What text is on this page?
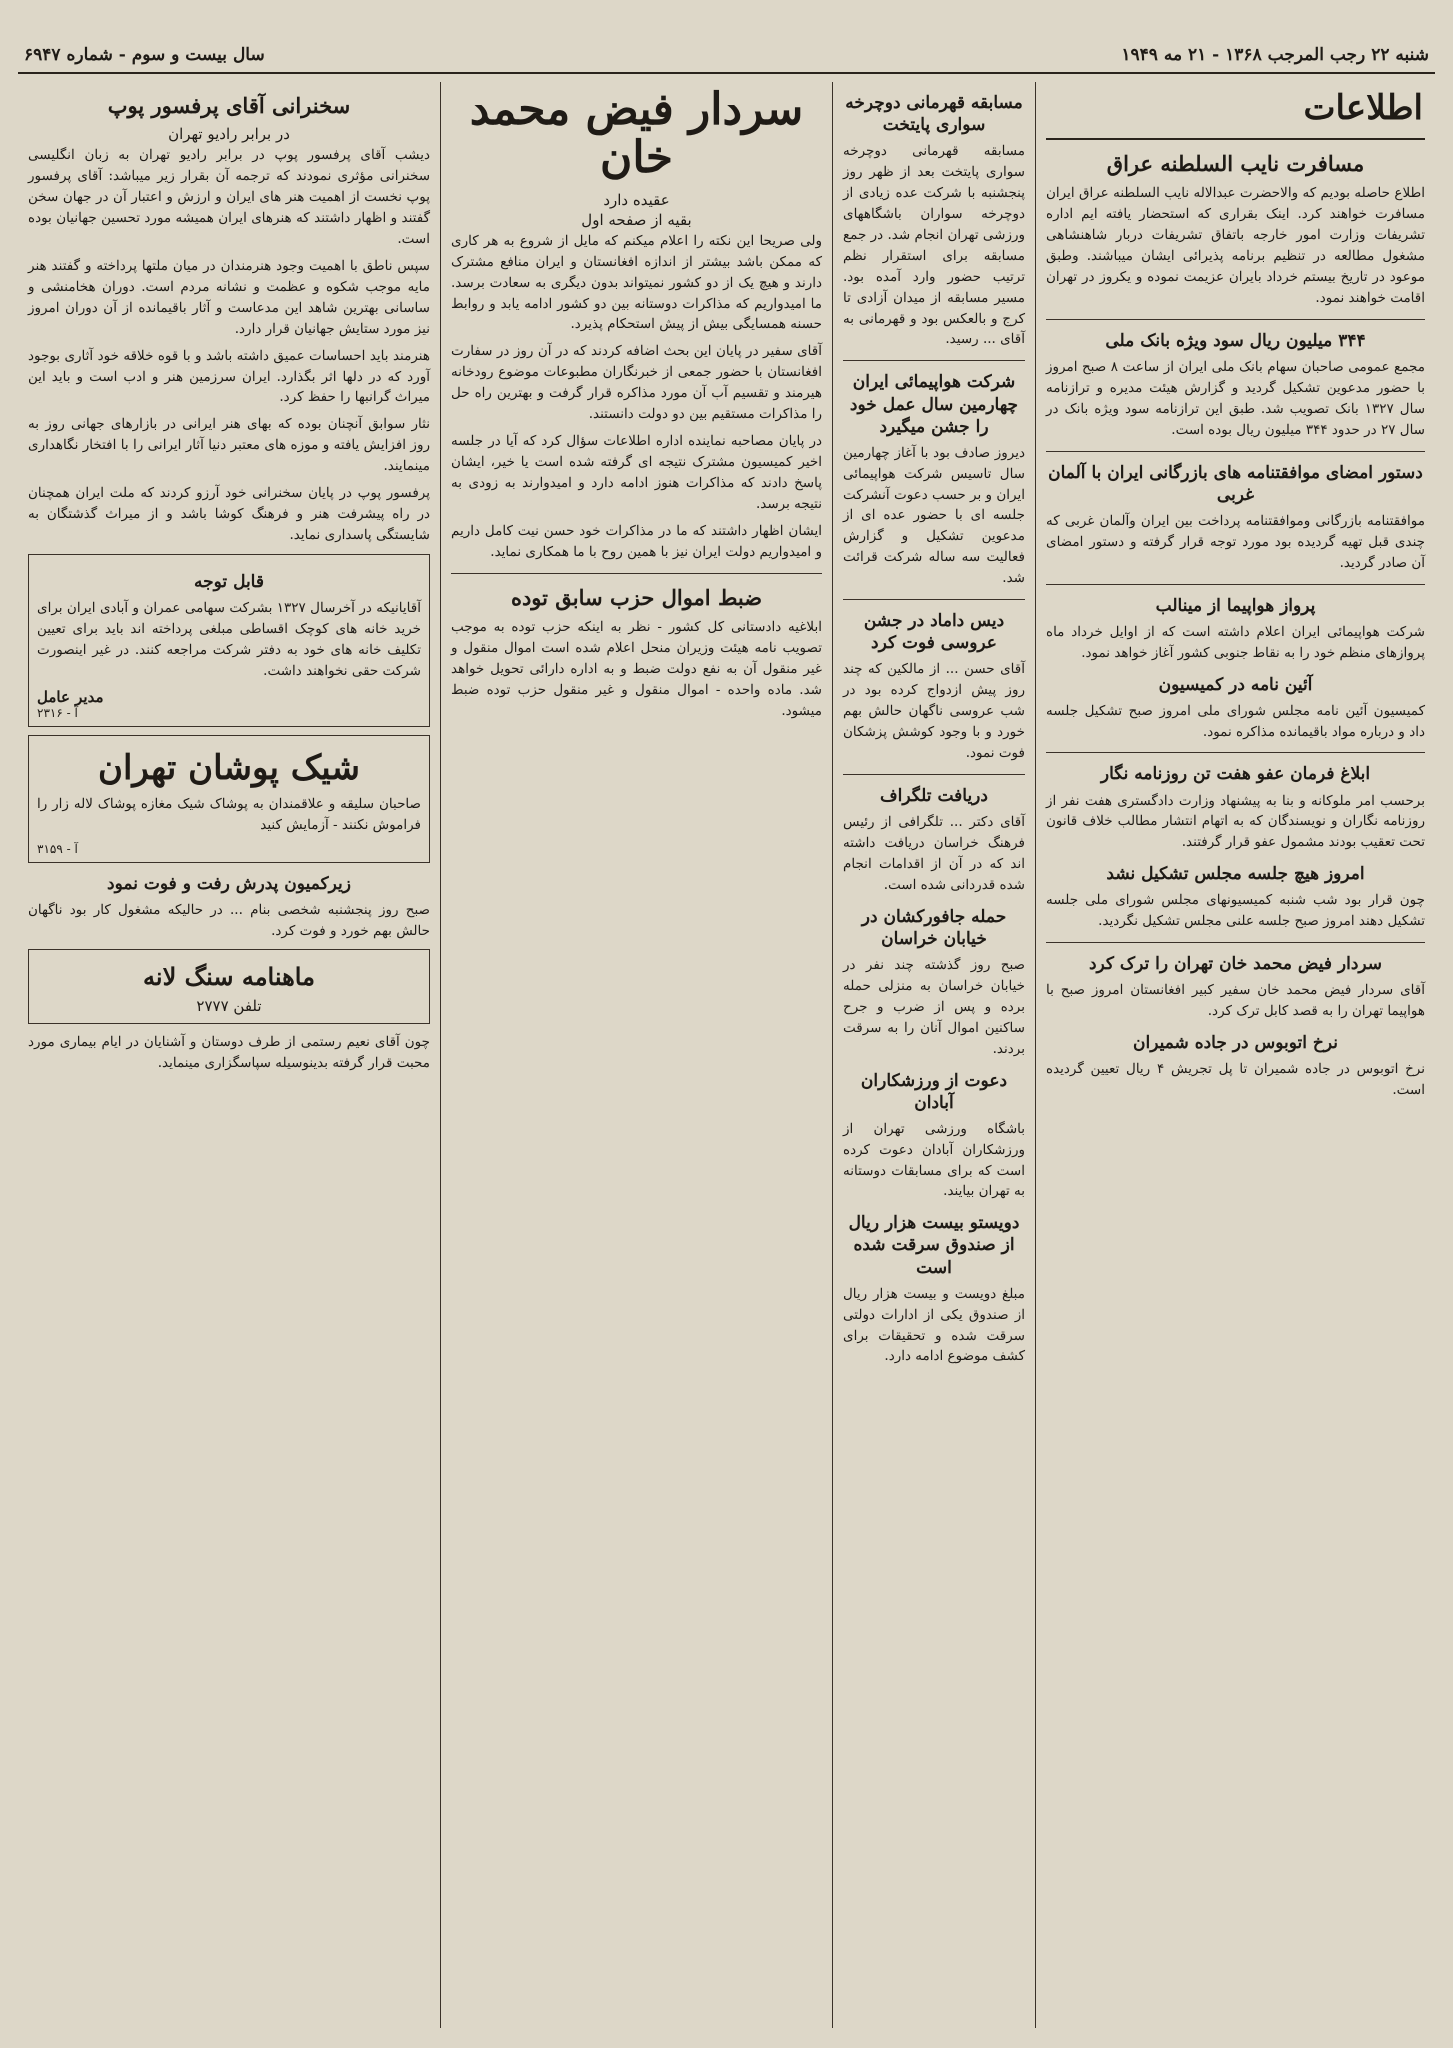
شنبه ۲۲ رجب المرجب ۱۳۶۸ - ۲۱ مه ۱۹۴۹
سال بیست و سوم - شماره ۶۹۴۷
اطلاعات
مسافرت نایب السلطنه عراق

اطلاع حاصله بودیم که والاحضرت عبدالاله نایب السلطنه عراق ایران مسافرت خواهند کرد. اینک بقراری که استحضار یافته ایم اداره تشریفات وزارت امور خارجه باتفاق تشریفات دربار شاهنشاهی مشغول مطالعه در تنظیم برنامه پذیرائی ایشان میباشند. وطبق موعود در تاریخ بیستم خرداد بایران عزیمت نموده و یکروز در تهران اقامت خواهند نمود.

۳۴۴ میلیون ریال سود ویژه بانک ملی

مجمع عمومی صاحبان سهام بانک ملی ایران از ساعت ۸ صبح امروز با حضور مدعوین تشکیل گردید و گزارش هیئت مدیره و ترازنامه سال ۱۳۲۷ بانک تصویب شد. طبق این ترازنامه سود ویژه بانک در سال ۲۷ در حدود ۳۴۴ میلیون ریال بوده است.

دستور امضای موافقتنامه های بازرگانی ایران با آلمان غربی

موافقتنامه بازرگانی وموافقتنامه پرداخت بین ایران وآلمان غربی که چندی قبل تهیه گردیده بود مورد توجه قرار گرفته و دستور امضای آن صادر گردید.

پرواز هواپیما از مینالب

شرکت هواپیمائی ایران اعلام داشته است که از اوایل خرداد ماه پروازهای منظم خود را به نقاط جنوبی کشور آغاز خواهد نمود.

آئین نامه در کمیسیون

کمیسیون آئین نامه مجلس شورای ملی امروز صبح تشکیل جلسه داد و درباره مواد باقیمانده مذاکره نمود.

ابلاغ فرمان عفو هفت تن روزنامه نگار

برحسب امر ملوکانه و بنا به پیشنهاد وزارت دادگستری هفت نفر از روزنامه نگاران و نویسندگان که به اتهام انتشار مطالب خلاف قانون تحت تعقیب بودند مشمول عفو قرار گرفتند.

امروز هیچ جلسه مجلس تشکیل نشد

چون قرار بود شب شنبه کمیسیونهای مجلس شورای ملی جلسه تشکیل دهند امروز صبح جلسه علنی مجلس تشکیل نگردید.

سردار فیض محمد خان تهران را ترک کرد

آقای سردار فیض محمد خان سفیر کبیر افغانستان امروز صبح با هواپیما تهران را به قصد کابل ترک کرد.

نرخ اتوبوس در جاده شمیران

نرخ اتوبوس در جاده شمیران تا پل تجریش ۴ ریال تعیین گردیده است.

مسابقه قهرمانی دوچرخه سواری پایتخت

مسابقه قهرمانی دوچرخه سواری پایتخت بعد از ظهر روز پنجشنبه با شرکت عده زیادی از دوچرخه سواران باشگاههای ورزشی تهران انجام شد. در جمع مسابقه برای استقرار نظم ترتیب حضور وارد آمده بود. مسیر مسابقه از میدان آزادی تا کرج و بالعکس بود و قهرمانی به آقای ... رسید.

شرکت هواپیمائی ایران چهارمین سال عمل خود را جشن میگیرد

دیروز صادف بود با آغاز چهارمین سال تاسیس شرکت هواپیمائی ایران و بر حسب دعوت آنشرکت جلسه ای با حضور عده ای از مدعوین تشکیل و گزارش فعالیت سه ساله شرکت قرائت شد.

دیس داماد در جشن عروسی فوت کرد

آقای حسن ... از مالکین که چند روز پیش ازدواج کرده بود در شب عروسی ناگهان حالش بهم خورد و با وجود کوشش پزشکان فوت نمود.

دریافت تلگراف

آقای دکتر ... تلگرافی از رئیس فرهنگ خراسان دریافت داشته اند که در آن از اقدامات انجام شده قدردانی شده است.

حمله جافورکشان در خیابان خراسان

صبح روز گذشته چند نفر در خیابان خراسان به منزلی حمله برده و پس از ضرب و جرح ساکنین اموال آنان را به سرقت بردند.

دعوت از ورزشکاران آبادان

باشگاه ورزشی تهران از ورزشکاران آبادان دعوت کرده است که برای مسابقات دوستانه به تهران بیایند.

دویستو بیست هزار ریال از صندوق سرقت شده است

مبلغ دویست و بیست هزار ریال از صندوق یکی از ادارات دولتی سرقت شده و تحقیقات برای کشف موضوع ادامه دارد.

سردار فیض محمد خان
عقیده دارد
بقیه از صفحه اول

ولی صریحا این نکته را اعلام میکنم که مایل از شروع به هر کاری که ممکن باشد بیشتر از اندازه افغانستان و ایران منافع مشترک دارند و هیچ یک از دو کشور نمیتواند بدون دیگری به سعادت برسد. ما امیدواریم که مذاکرات دوستانه بین دو کشور ادامه یابد و روابط حسنه همسایگی بیش از پیش استحکام پذیرد.

آقای سفیر در پایان این بحث اضافه کردند که در آن روز در سفارت افغانستان با حضور جمعی از خبرنگاران مطبوعات موضوع رودخانه هیرمند و تقسیم آب آن مورد مذاکره قرار گرفت و بهترین راه حل را مذاکرات مستقیم بین دو دولت دانستند.

در پایان مصاحبه نماینده اداره اطلاعات سؤال کرد که آیا در جلسه اخیر کمیسیون مشترک نتیجه ای گرفته شده است یا خیر، ایشان پاسخ دادند که مذاکرات هنوز ادامه دارد و امیدوارند به زودی به نتیجه برسد.

ایشان اظهار داشتند که ما در مذاکرات خود حسن نیت کامل داریم و امیدواریم دولت ایران نیز با همین روح با ما همکاری نماید.

ضبط اموال حزب سابق توده

ابلاغیه دادستانی کل کشور - نظر به اینکه حزب توده به موجب تصویب نامه هیئت وزیران منحل اعلام شده است اموال منقول و غیر منقول آن به نفع دولت ضبط و به اداره دارائی تحویل خواهد شد. ماده واحده - اموال منقول و غیر منقول حزب توده ضبط میشود.

سخنرانی آقای پرفسور پوپ
در برابر رادیو تهران

دیشب آقای پرفسور پوپ در برابر رادیو تهران به زبان انگلیسی سخنرانی مؤثری نمودند که ترجمه آن بقرار زیر میباشد: آقای پرفسور پوپ نخست از اهمیت هنر های ایران و ارزش و اعتبار آن در جهان سخن گفتند و اظهار داشتند که هنرهای ایران همیشه مورد تحسین جهانیان بوده است.

سپس ناطق با اهمیت وجود هنرمندان در میان ملتها پرداخته و گفتند هنر مایه موجب شکوه و عظمت و نشانه مردم است. دوران هخامنشی و ساسانی بهترین شاهد این مدعاست و آثار باقیمانده از آن دوران امروز نیز مورد ستایش جهانیان قرار دارد.

هنرمند باید احساسات عمیق داشته باشد و با قوه خلاقه خود آثاری بوجود آورد که در دلها اثر بگذارد. ایران سرزمین هنر و ادب است و باید این میراث گرانبها را حفظ کرد.

نثار سوابق آنچنان بوده که بهای هنر ایرانی در بازارهای جهانی روز به روز افزایش یافته و موزه های معتبر دنیا آثار ایرانی را با افتخار نگاهداری مینمایند.

پرفسور پوپ در پایان سخنرانی خود آرزو کردند که ملت ایران همچنان در راه پیشرفت هنر و فرهنگ کوشا باشد و از میراث گذشتگان به شایستگی پاسداری نماید.

قابل توجه

آقایانیکه در آخرسال ۱۳۲۷ بشرکت سهامی عمران و آبادی ایران برای خرید خانه های کوچک اقساطی مبلغی پرداخته اند باید برای تعیین تکلیف خانه های خود به دفتر شرکت مراجعه کنند. در غیر اینصورت شرکت حقی نخواهند داشت.

مدیر عامل
آ - ۲۳۱۶
شیک پوشان تهران

صاحبان سلیقه و علاقمندان به پوشاک شیک مغازه پوشاک لاله زار را فراموش نکنند - آزمایش کنید

آ - ۳۱۵۹
زیرکمیون پدرش رفت و فوت نمود

صبح روز پنجشنبه شخصی بنام ... در حالیکه مشغول کار بود ناگهان حالش بهم خورد و فوت کرد.

ماهنامه سنگ لانه
تلفن ۲۷۷۷

چون آقای نعیم رستمی از طرف دوستان و آشنایان در ایام بیماری مورد محبت قرار گرفته بدینوسیله سپاسگزاری مینماید.
